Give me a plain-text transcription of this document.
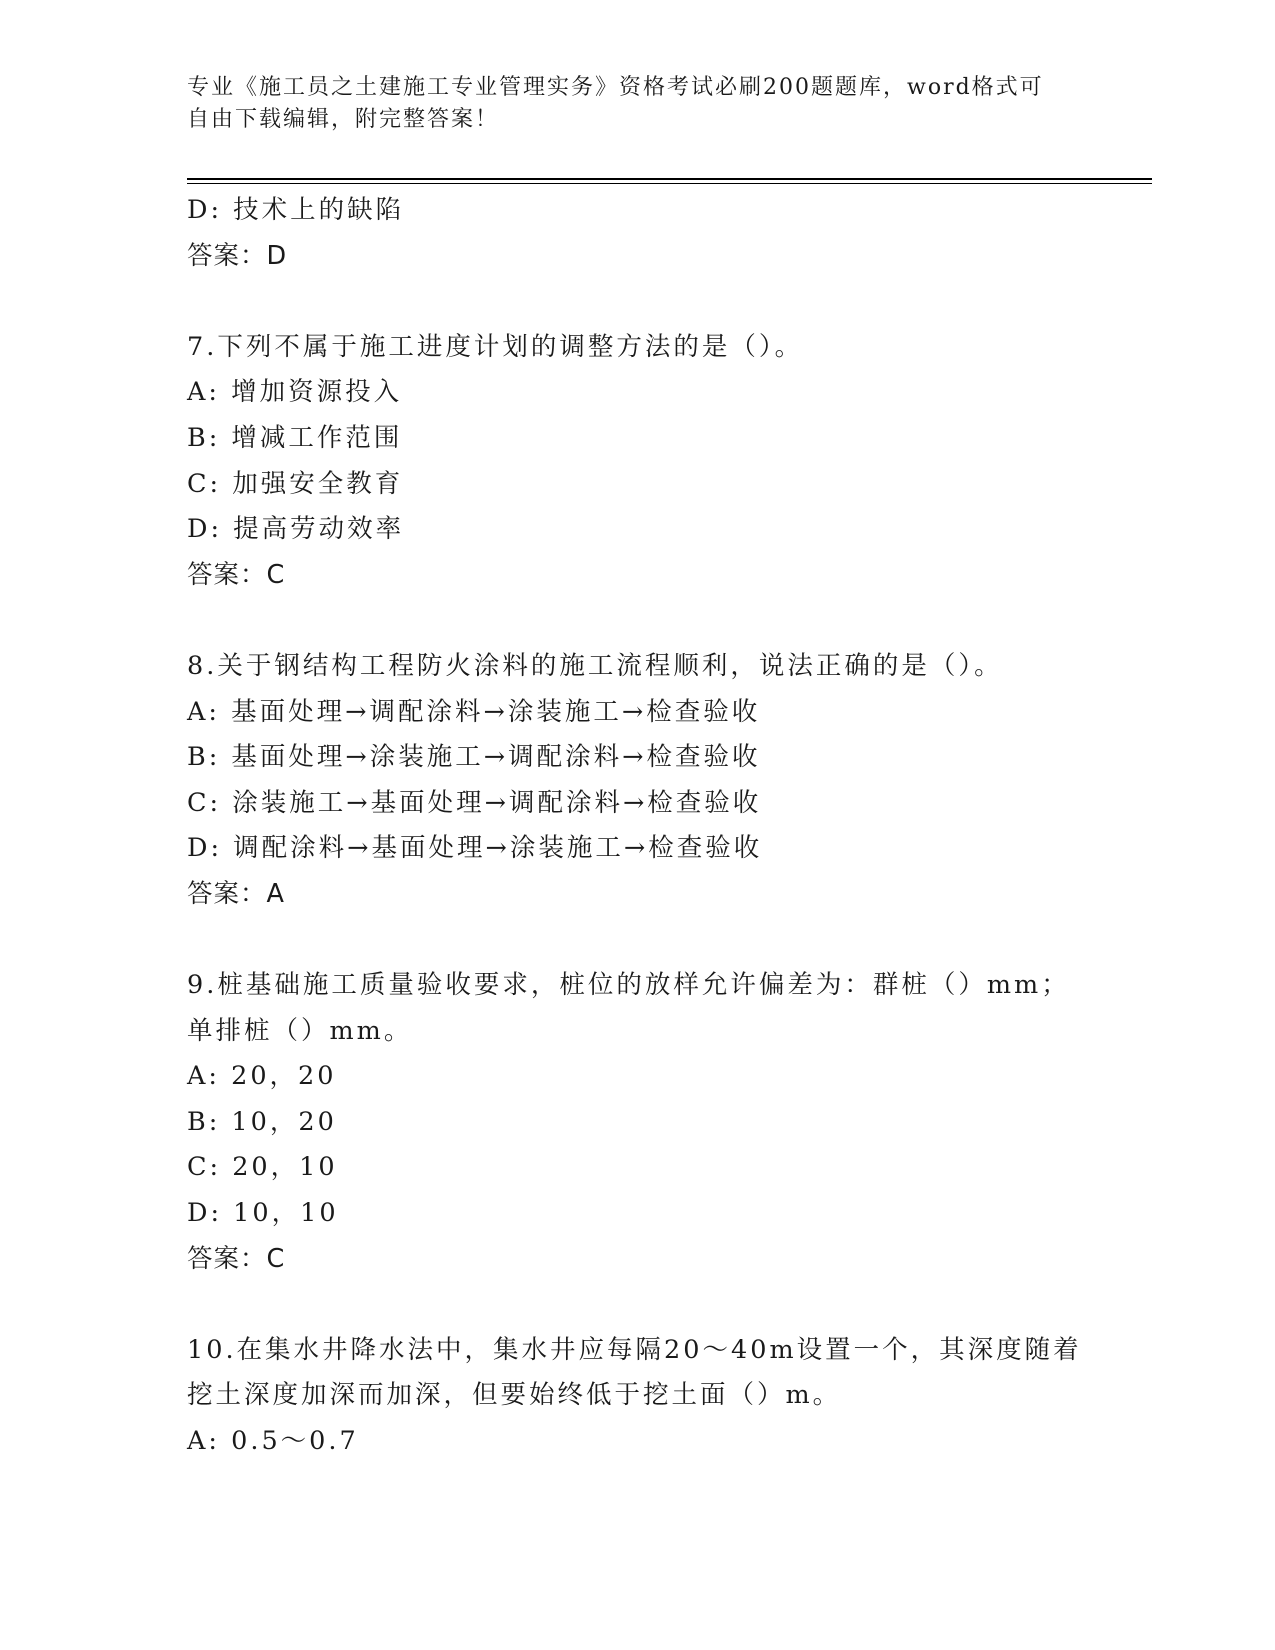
专业《施工员之土建施工专业管理实务》资格考试必刷200题题库，word格式可
自由下载编辑，附完整答案！
D: 技术上的缺陷
答案：D
7.下列不属于施工进度计划的调整方法的是（）。
A: 增加资源投入
B: 增减工作范围
C: 加强安全教育
D: 提高劳动效率
答案：C
8.关于钢结构工程防火涂料的施工流程顺利，说法正确的是（）。
A: 基面处理→调配涂料→涂装施工→检查验收
B: 基面处理→涂装施工→调配涂料→检查验收
C: 涂装施工→基面处理→调配涂料→检查验收
D: 调配涂料→基面处理→涂装施工→检查验收
答案：A
9.桩基础施工质量验收要求，桩位的放样允许偏差为：群桩（）mm；
单排桩（）mm。
A: 20，20
B: 10，20
C: 20，10
D: 10，10
答案：C
10.在集水井降水法中，集水井应每隔20～40m设置一个，其深度随着
挖土深度加深而加深，但要始终低于挖土面（）m。
A: 0.5～0.7
